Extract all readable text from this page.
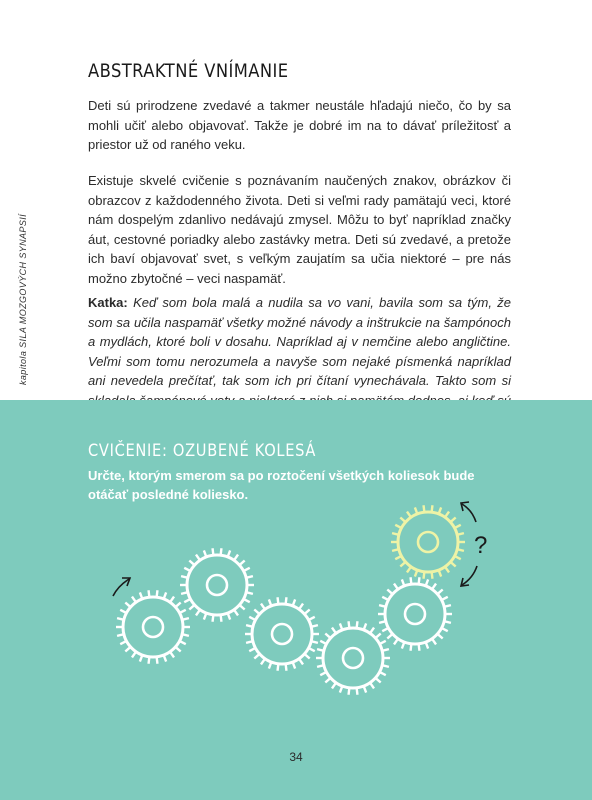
kapitola SILA MOZGOVÝCH SYNAPSIÍ
ABSTRAKTNÉ VNÍMANIE

Deti sú prirodzene zvedavé a takmer neustále hľadajú niečo, čo by sa mohli učiť alebo objavovať. Takže je dobré im na to dávať príležitosť a priestor už od raného veku.

Existuje skvelé cvičenie s poznávaním naučených znakov, obrázkov či obrazcov z každodenného života. Deti si veľmi rady pamätajú veci, ktoré nám dospelým zdanlivo nedávajú zmysel. Môžu to byť napríklad značky áut, cestovné poriadky alebo zastávky metra. Deti sú zvedavé, a pretože ich baví objavovať svet, s veľkým zaujatím sa učia niektoré – pre nás možno zbytočné – veci naspamäť.

Katka: Keď som bola malá a nudila sa vo vani, bavila som sa tým, že som sa učila naspamäť všetky možné návody a inštrukcie na šampónoch a mydlách, ktoré boli v dosahu. Napríklad aj v nemčine alebo angličtine. Veľmi som tomu nerozumela a navyše som nejaké písmenká napríklad ani nevedela prečítať, tak som ich pri čítaní vynechávala. Takto som si

CVIČENIE: OZUBENÉ KOLESÁ

Určte, ktorým smerom sa po roztočení všetkých koliesok bude otáčať posledné koliesko.

?
34
